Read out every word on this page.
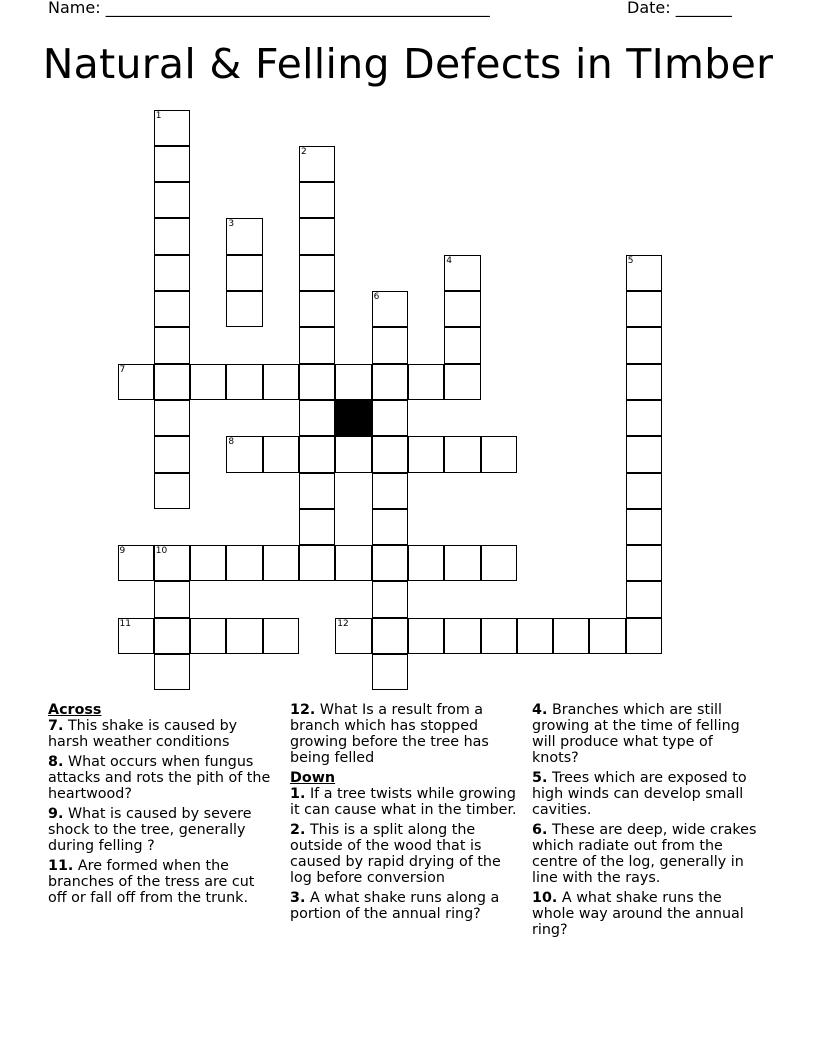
Name: ________________________________________________	Date: _______
Natural & Felling Defects in TImber
1
2
3
4	5
6
7
8
9	10
11	12
Across
7. This shake is caused by harsh weather conditions
8. What occurs when fungus attacks and rots the pith of the heartwood?
9. What is caused by severe shock to the tree, generally during felling ?
11. Are formed when the branches of the tress are cut off or fall off from the trunk.
12. What Is a result from a branch which has stopped growing before the tree has being felled
Down
1. If a tree twists while growing it can cause what in the timber.
2. This is a split along the outside of the wood that is caused by rapid drying of the log before conversion
3. A what shake runs along a portion of the annual ring?
4. Branches which are still growing at the time of felling will produce what type of knots?
5. Trees which are exposed to high winds can develop small cavities.
6. These are deep, wide crakes which radiate out from the centre of the log, generally in line with the rays.
10. A what shake runs the whole way around the annual ring?
